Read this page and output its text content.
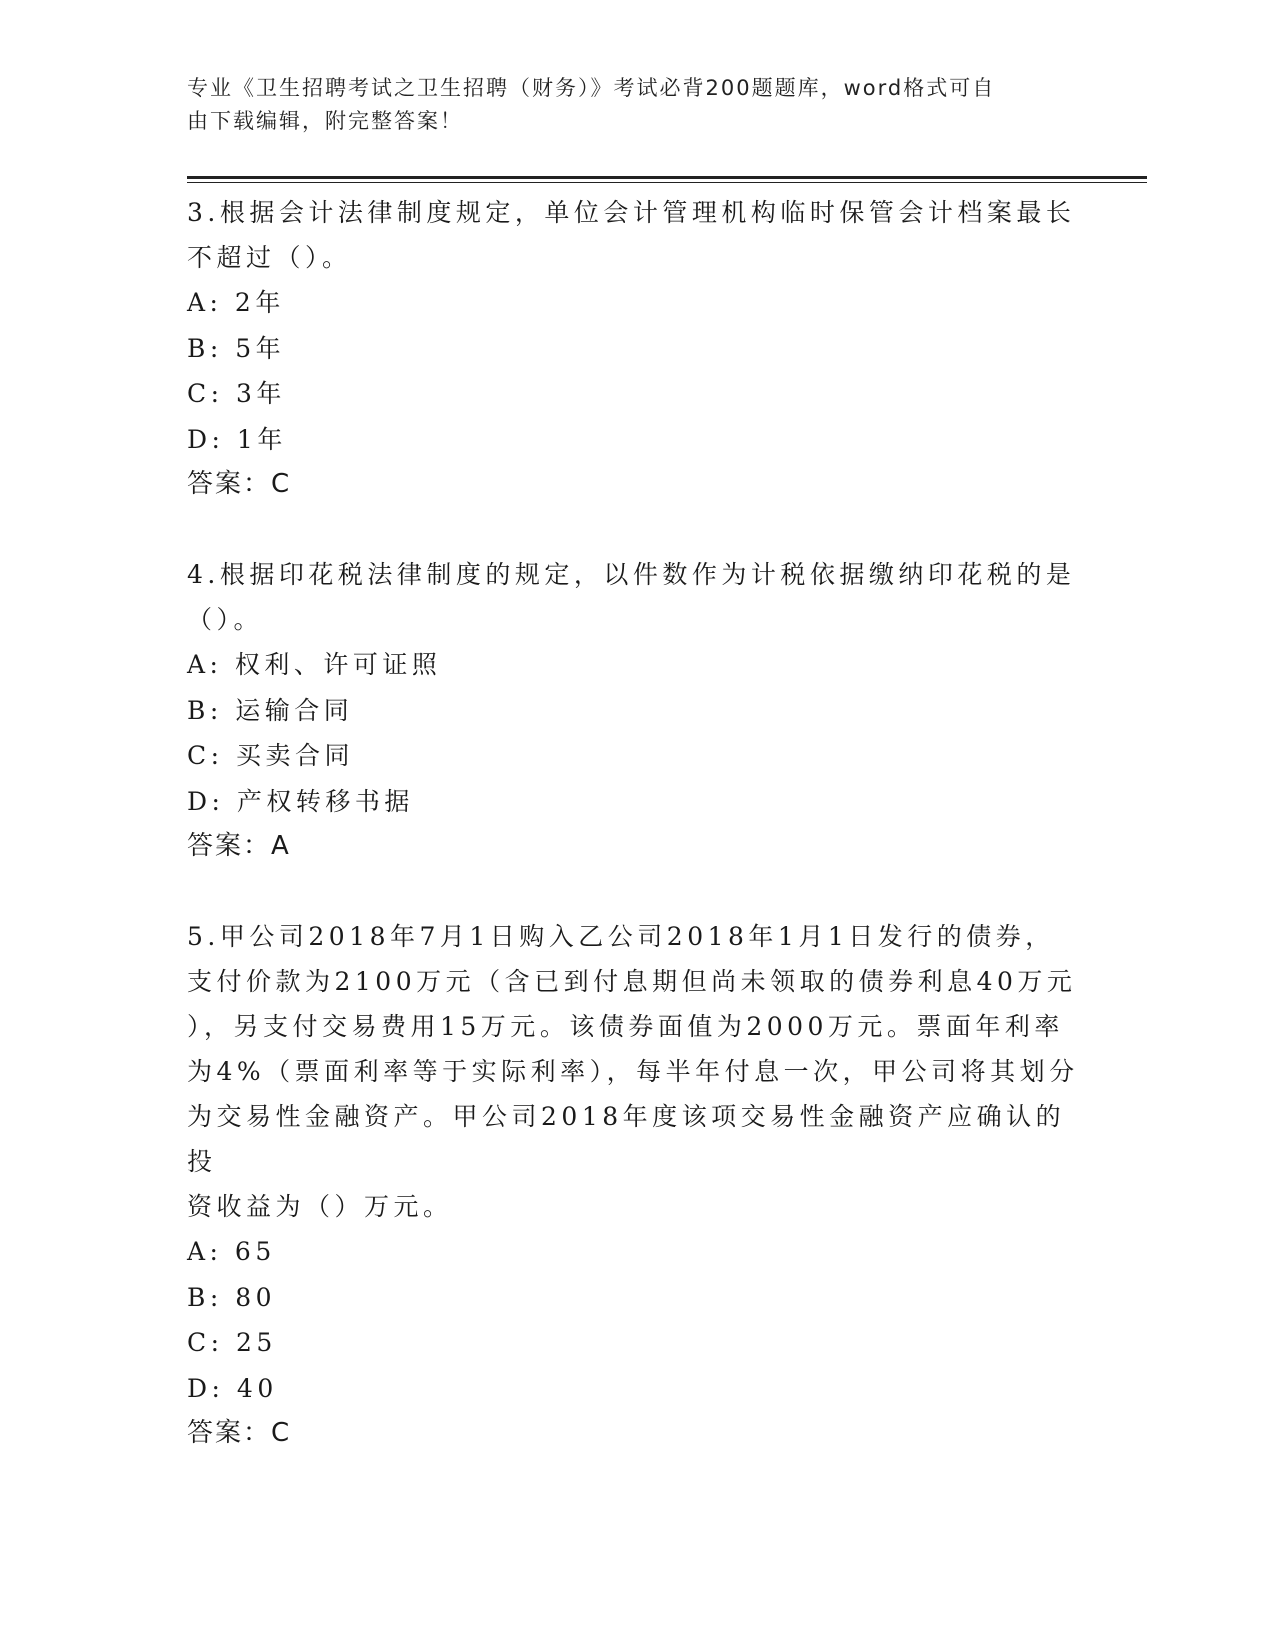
专业《卫生招聘考试之卫生招聘（财务）》考试必背200题题库，word格式可自
由下载编辑，附完整答案！
3.根据会计法律制度规定，单位会计管理机构临时保管会计档案最长
不超过（）。
A: 2年
B: 5年
C: 3年
D: 1年
答案：C
4.根据印花税法律制度的规定，以件数作为计税依据缴纳印花税的是
（）。
A: 权利、许可证照
B: 运输合同
C: 买卖合同
D: 产权转移书据
答案：A
5.甲公司2018年7月1日购入乙公司2018年1月1日发行的债券，
支付价款为2100万元（含已到付息期但尚未领取的债券利息40万元
），另支付交易费用15万元。该债券面值为2000万元。票面年利率
为4%（票面利率等于实际利率），每半年付息一次，甲公司将其划分
为交易性金融资产。甲公司2018年度该项交易性金融资产应确认的投
资收益为（）万元。
A: 65
B: 80
C: 25
D: 40
答案：C
